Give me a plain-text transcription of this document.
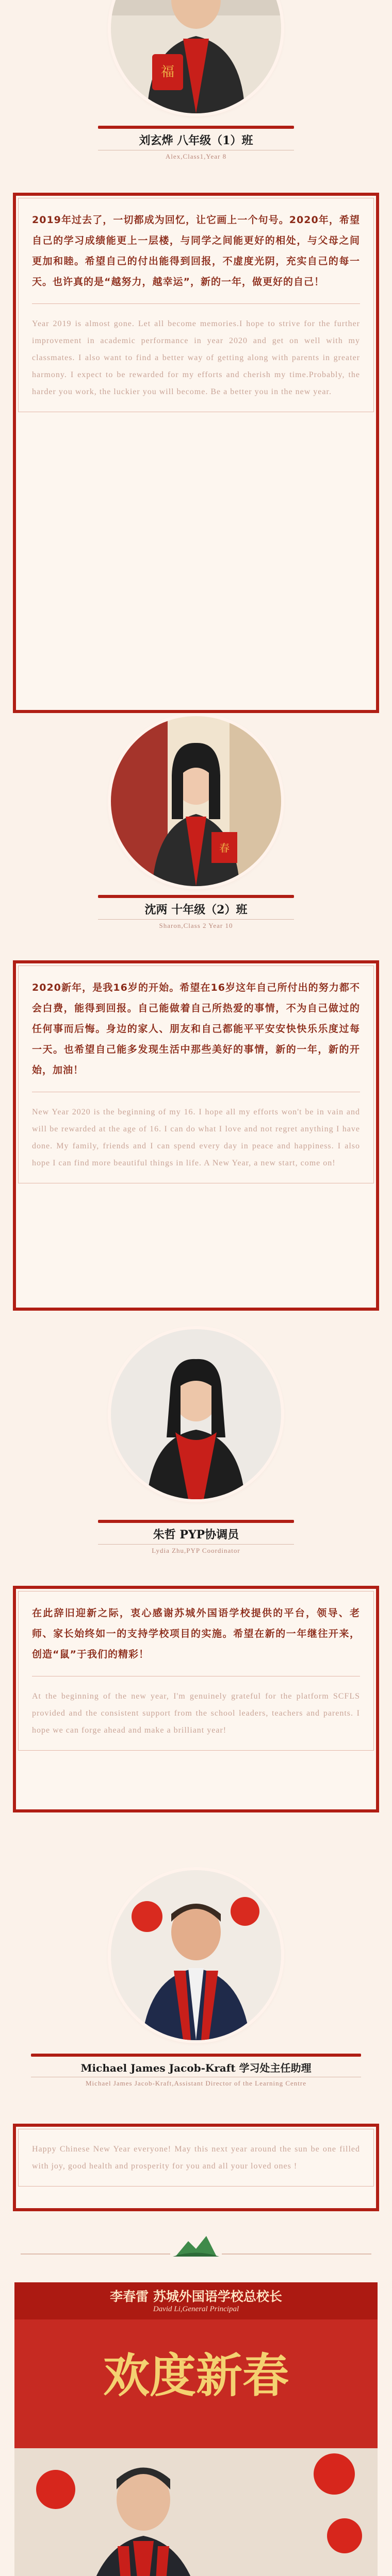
福
刘玄烨 八年级（1）班
Alex,Class1,Year 8

2019年过去了，一切都成为回忆，让它画上一个句号。2020年，希望自己的学习成绩能更上一层楼，与同学之间能更好的相处，与父母之间更加和睦。希望自己的付出能得到回报，不虚度光阴，充实自己的每一天。也许真的是“越努力，越幸运”，新的一年，做更好的自己！

Year 2019 is almost gone. Let all become memories.I hope to strive for the further improvement in academic performance in year 2020 and get on well with my classmates. I also want to find a better way of getting along with parents in greater harmony. I expect to be rewarded for my efforts and cherish my time.Probably, the harder you work, the luckier you will become. Be a better you in the new year.

春
沈两 十年级（2）班
Sharon,Class 2 Year 10

2020新年，是我16岁的开始。希望在16岁这年自己所付出的努力都不会白费，能得到回报。自己能做着自己所热爱的事情，不为自己做过的任何事而后悔。身边的家人、朋友和自己都能平平安安快快乐乐度过每一天。也希望自己能多发现生活中那些美好的事情，新的一年，新的开始，加油！

New Year 2020 is the beginning of my 16. I hope all my efforts won't be in vain and will be rewarded at the age of 16. I can do what I love and not regret anything I have done. My family, friends and I can spend every day in peace and happiness. I also hope I can find more beautiful things in life. A New Year, a new start, come on!

朱哲 PYP协调员
Lydia Zhu,PYP Coordinator

在此辞旧迎新之际，衷心感谢苏城外国语学校提供的平台，领导、老师、家长始终如一的支持学校项目的实施。希望在新的一年继往开来，创造“鼠”于我们的精彩！

At the beginning of the new year, I'm genuinely grateful for the platform SCFLS provided and the consistent support from the school leaders, teachers and parents. I hope we can forge ahead and make a brilliant year!

Michael James Jacob-Kraft 学习处主任助理
Michael James Jacob-Kraft,Assistant Director of the Learning Centre

Happy Chinese New Year everyone! May this next year around the sun be one filled with joy, good health and prosperity for you and all your loved ones !

李春雷 苏城外国语学校总校长
David Li,General Principal
欢度新春
